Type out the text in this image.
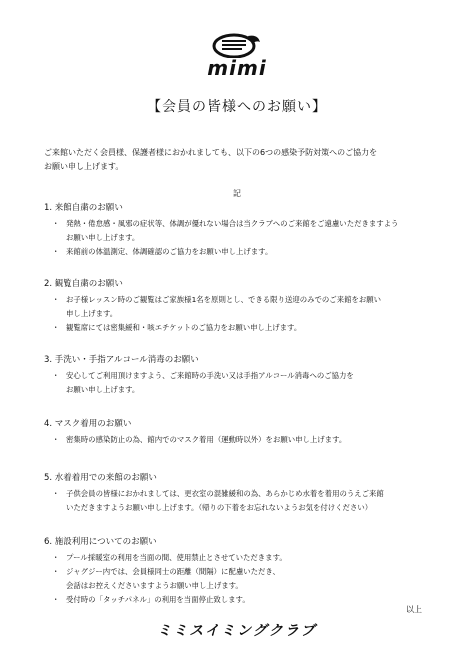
mimi
【会員の皆様へのお願い】
ご来館いただく会員様、保護者様におかれましても、以下の6つの感染予防対策へのご協力を
お願い申し上げます。
記
1. 来館自粛のお願い
・ 発熱・倦怠感・風邪の症状等、体調が優れない場合は当クラブへのご来館をご遠慮いただきますよう
お願い申し上げます。
・ 来館前の体温測定、体調確認のご協力をお願い申し上げます。
2. 観覧自粛のお願い
・ お子様レッスン時のご観覧はご家族様1名を原則とし、できる限り送迎のみでのご来館をお願い
申し上げます。
・ 観覧席にては密集緩和・咳エチケットのご協力をお願い申し上げます。
3. 手洗い・手指アルコール消毒のお願い
・ 安心してご利用頂けますよう、ご来館時の手洗い又は手指アルコール消毒へのご協力を
お願い申し上げます。
4. マスク着用のお願い
・ 密集時の感染防止の為、館内でのマスク着用（運動時以外）をお願い申し上げます。
5. 水着着用での来館のお願い
・ 子供会員の皆様におかれましては、更衣室の混雑緩和の為、あらかじめ水着を着用のうえご来館
いただきますようお願い申し上げます。（帰りの下着をお忘れないようお気を付けください）
6. 施設利用についてのお願い
・ プール採暖室の利用を当面の間、使用禁止とさせていただきます。
・ ジャグジー内では、会員様同士の距離（間隔）に配慮いただき、
会話はお控えくださいますようお願い申し上げます。
・ 受付時の「タッチパネル」の利用を当面停止致します。
以上
ミミスイミングクラブ
